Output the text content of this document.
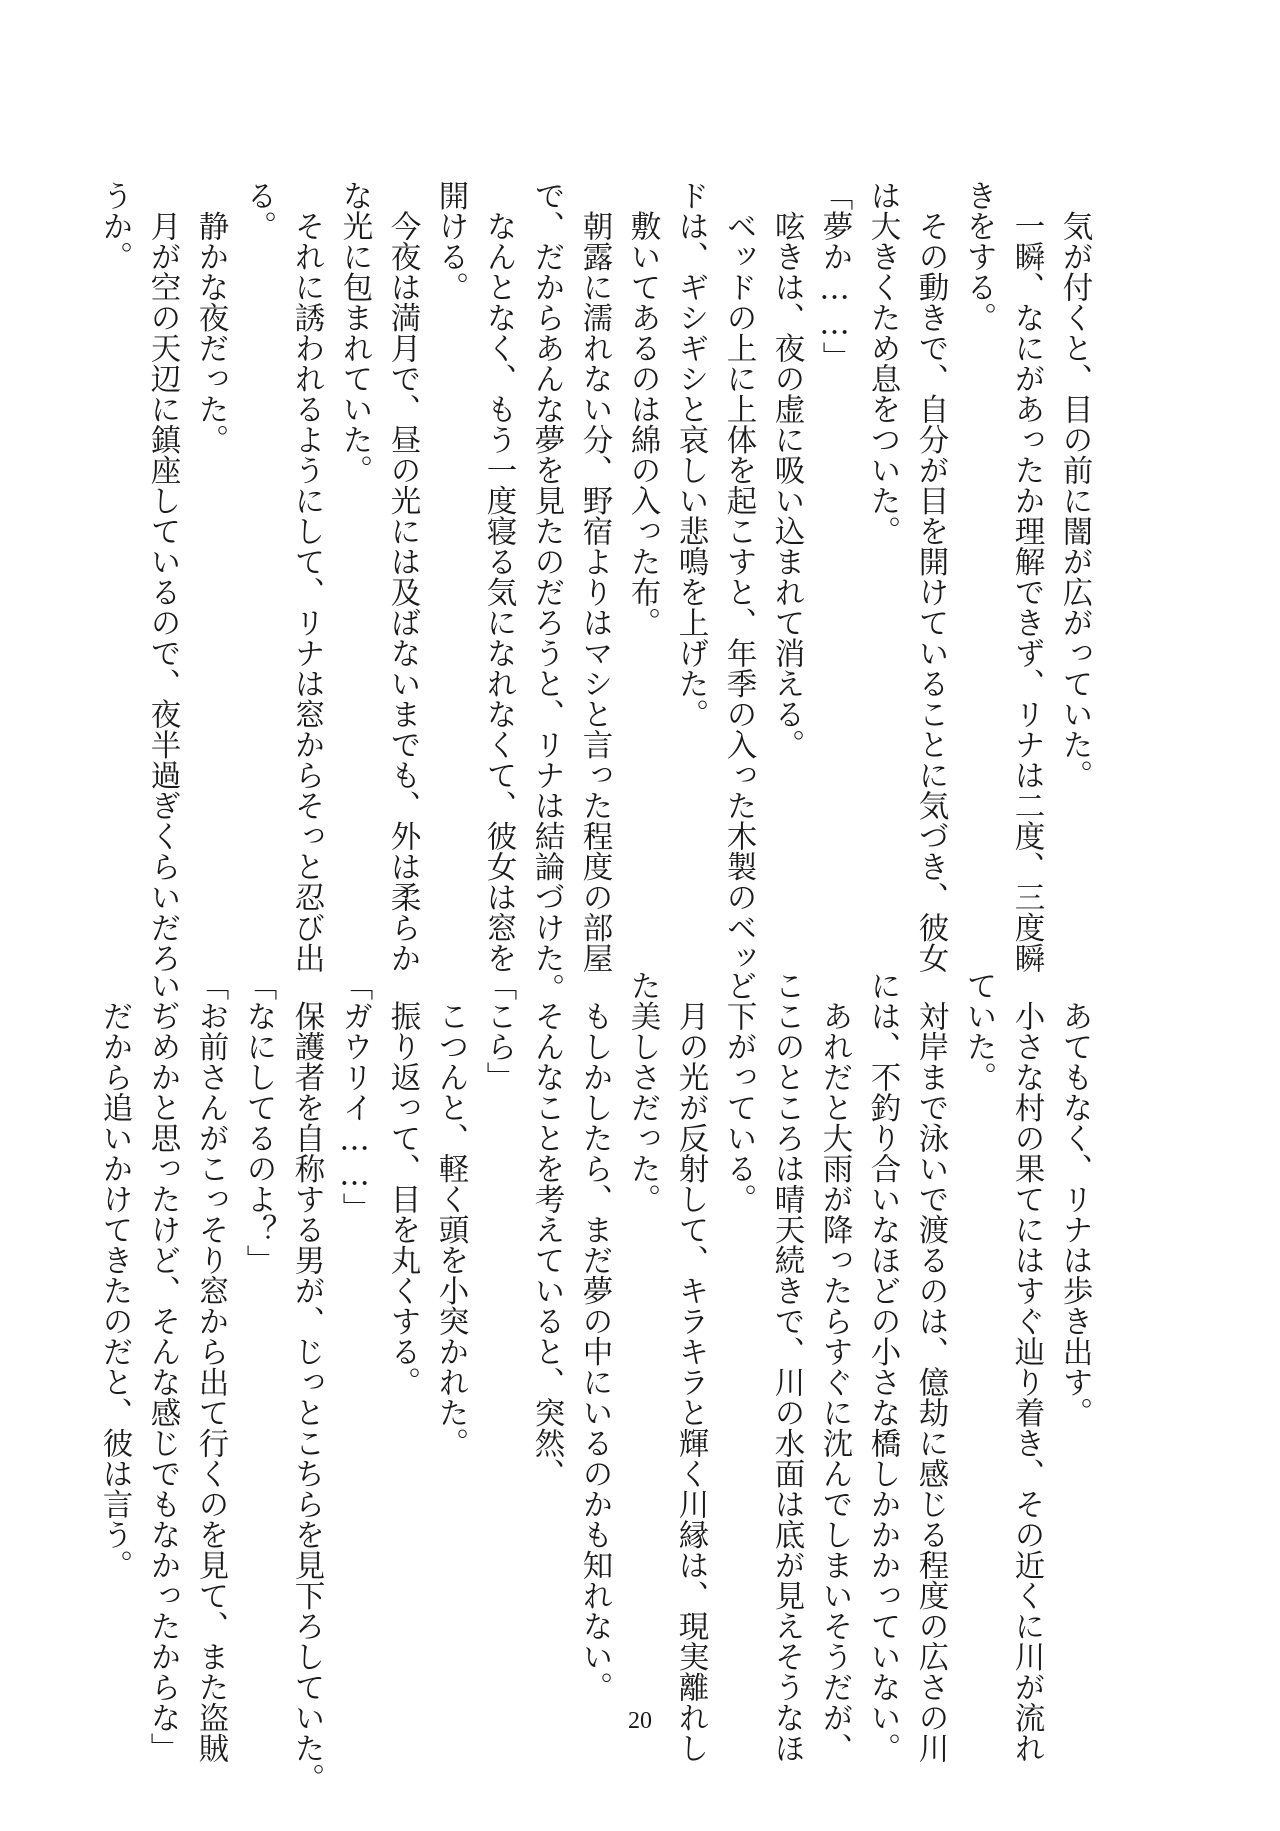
　気が付くと、目の前に闇が広がっていた。
　一瞬、なにがあったか理解できず、リナは二度、三度瞬
きをする。
　その動きで、自分が目を開けていることに気づき、彼女
は大きくため息をついた。
「夢か……」
　呟きは、夜の虚に吸い込まれて消える。
　ベッドの上に上体を起こすと、年季の入った木製のベッ
ドは、ギシギシと哀しい悲鳴を上げた。
　敷いてあるのは綿の入った布。
　朝露に濡れない分、野宿よりはマシと言った程度の部屋
で、だからあんな夢を見たのだろうと、リナは結論づけた。
　なんとなく、もう一度寝る気になれなくて、彼女は窓を
開ける。
　今夜は満月で、昼の光には及ばないまでも、外は柔らか
な光に包まれていた。
　それに誘われるようにして、リナは窓からそっと忍び出
る。
　静かな夜だった。
　月が空の天辺に鎮座しているので、夜半過ぎくらいだろ
うか。
　あてもなく、リナは歩き出す。
　小さな村の果てにはすぐ辿り着き、その近くに川が流れ
ていた。
　対岸まで泳いで渡るのは、億劫に感じる程度の広さの川
には、不釣り合いなほどの小さな橋しかかかっていない。
　あれだと大雨が降ったらすぐに沈んでしまいそうだが、
ここのところは晴天続きで、川の水面は底が見えそうなほ
ど下がっている。
　月の光が反射して、キラキラと輝く川縁は、現実離れし
た美しさだった。
　もしかしたら、まだ夢の中にいるのかも知れない。
　そんなことを考えていると、突然、
「こら」
　こつんと、軽く頭を小突かれた。
　振り返って、目を丸くする。
「ガウリイ……」
　保護者を自称する男が、じっとこちらを見下ろしていた。
「なにしてるのよ？」
「お前さんがこっそり窓から出て行くのを見て、また盗賊
いぢめかと思ったけど、そんな感じでもなかったからな」
　だから追いかけてきたのだと、彼は言う。
20
